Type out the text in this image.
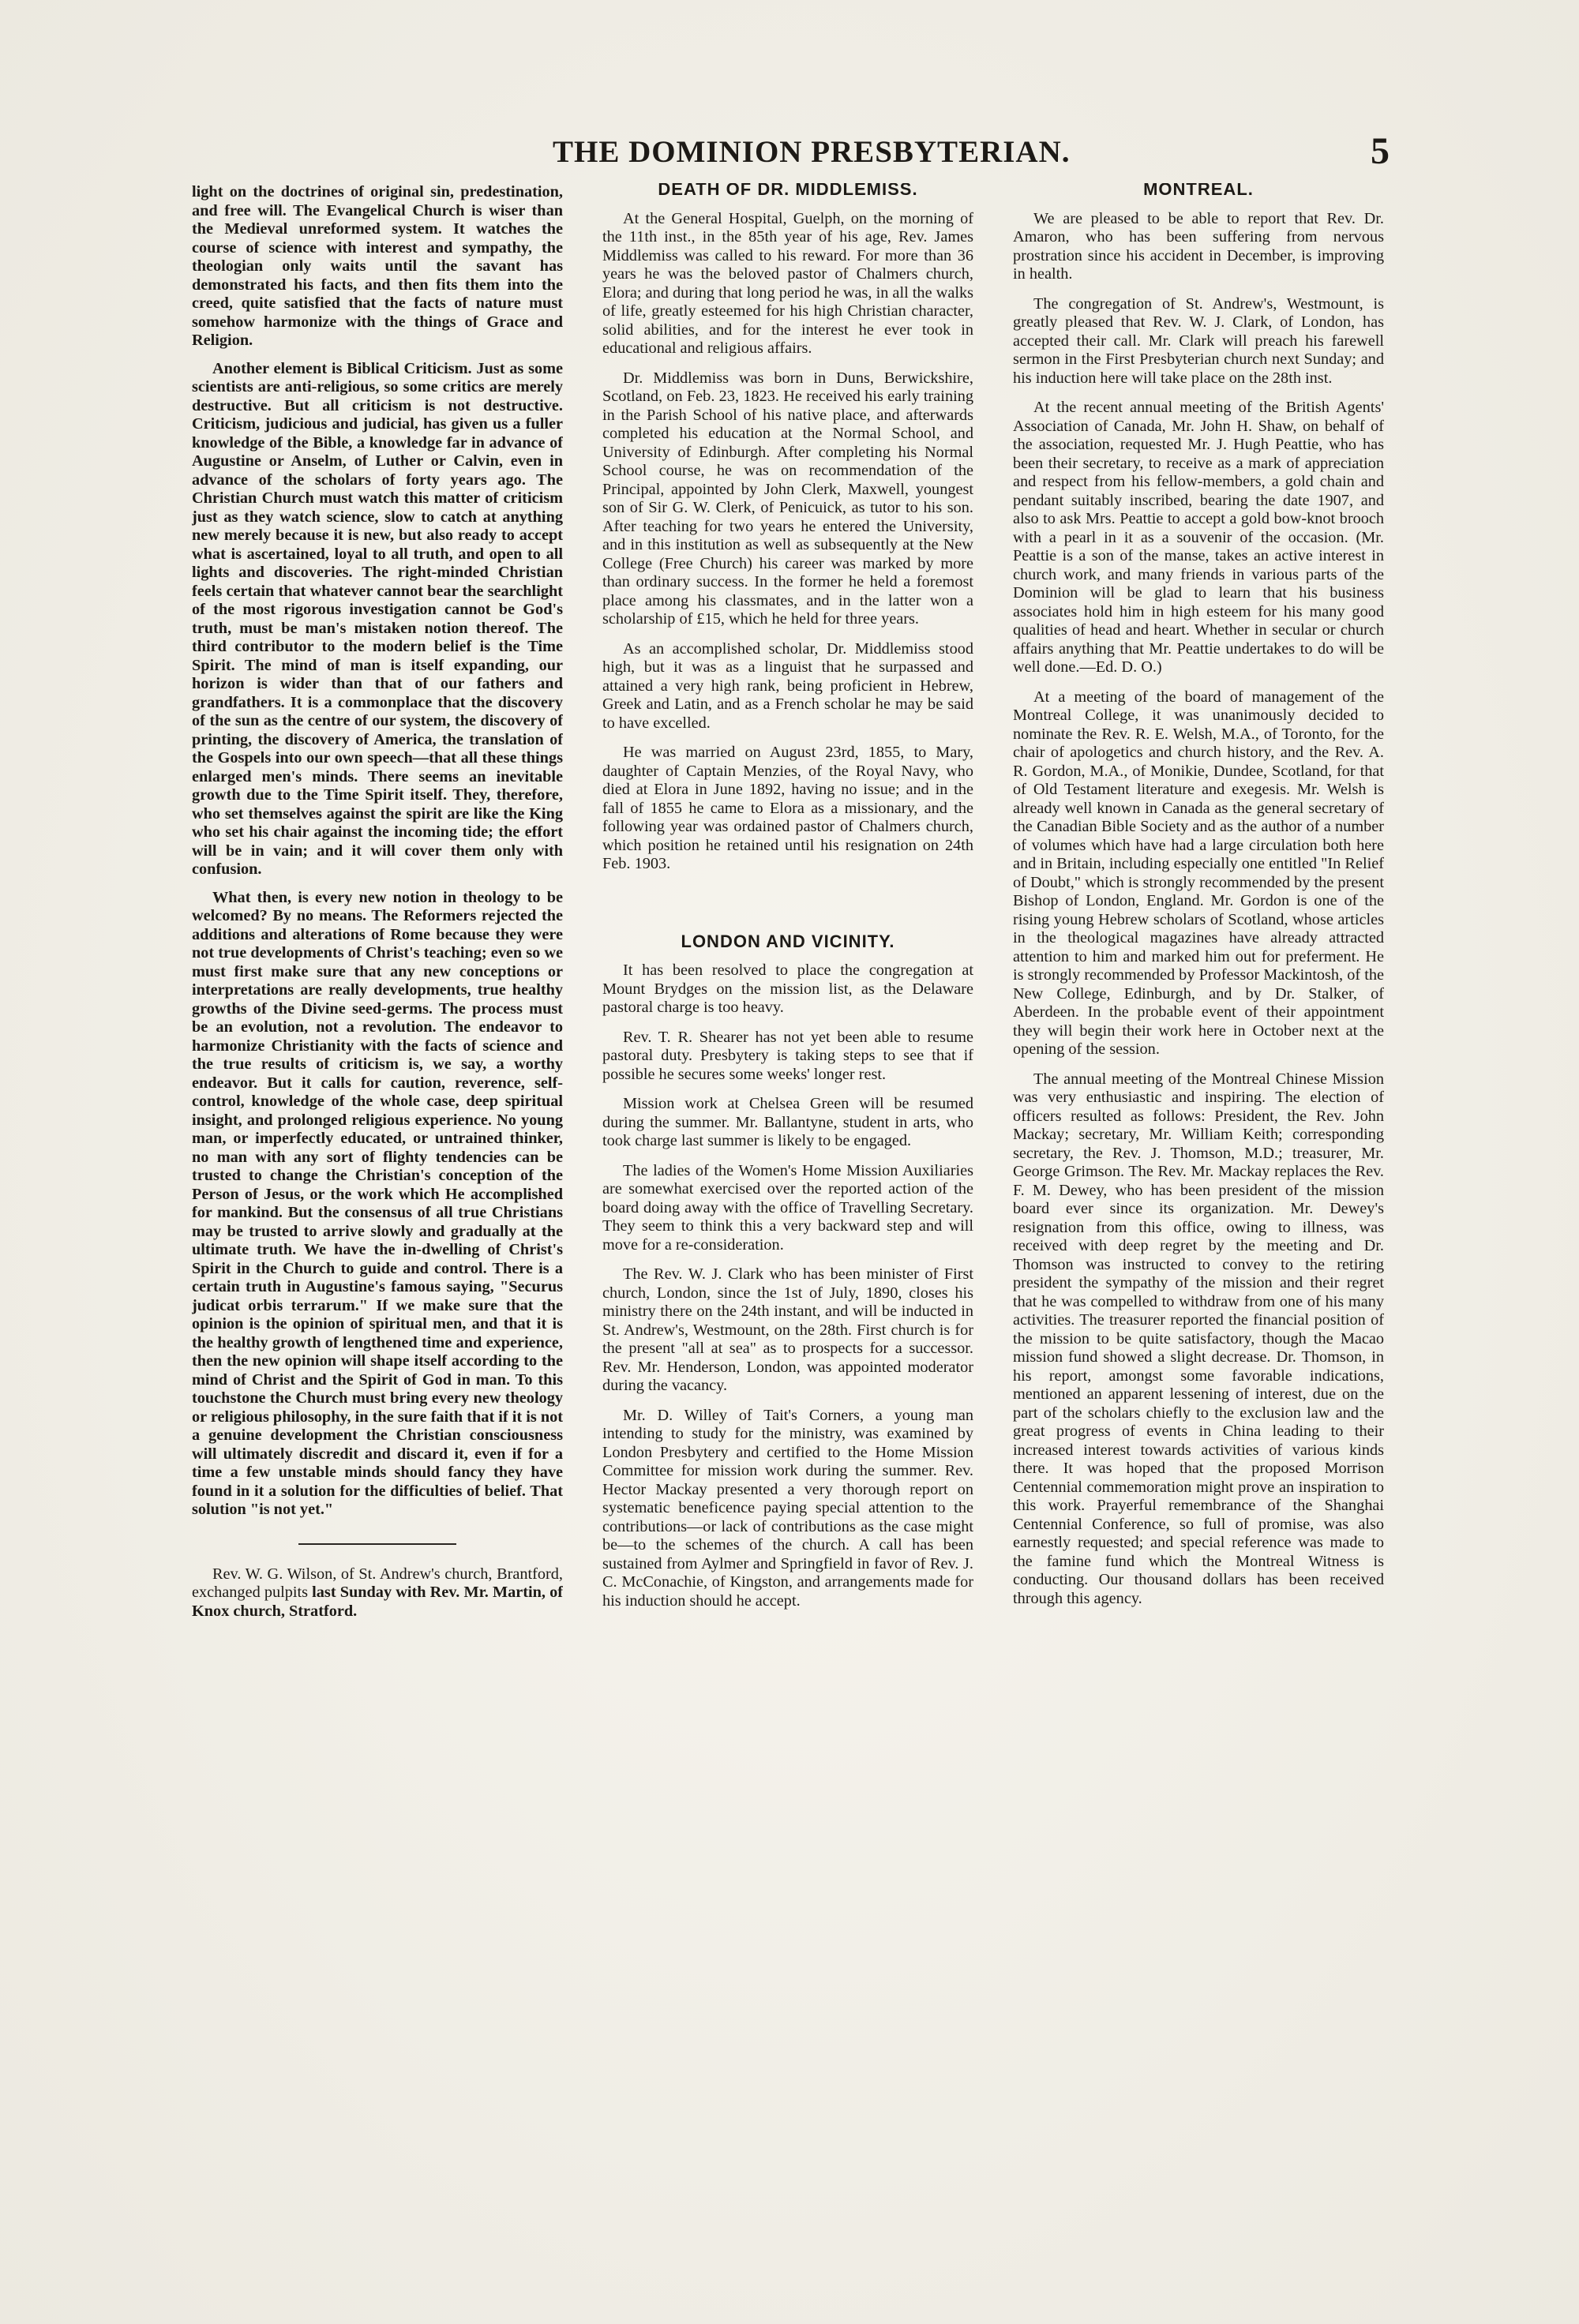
THE DOMINION PRESBYTERIAN.	5

light on the doctrines of original sin, predestination, and free will. The Evangelical Church is wiser than the Medieval unreformed system. It watches the course of science with interest and sympathy, the theologian only waits until the savant has demonstrated his facts, and then fits them into the creed, quite satisfied that the facts of nature must somehow harmonize with the things of Grace and Religion.

Another element is Biblical Criticism. Just as some scientists are anti-religious, so some critics are merely destructive. But all criticism is not destructive. Criticism, judicious and judicial, has given us a fuller knowledge of the Bible, a knowledge far in advance of Augustine or Anselm, of Luther or Calvin, even in advance of the scholars of forty years ago. The Christian Church must watch this matter of criticism just as they watch science, slow to catch at anything new merely because it is new, but also ready to accept what is ascertained, loyal to all truth, and open to all lights and discoveries. The right-minded Christian feels certain that whatever cannot bear the searchlight of the most rigorous investigation cannot be God's truth, must be man's mistaken notion thereof. The third contributor to the modern belief is the Time Spirit. The mind of man is itself expanding, our horizon is wider than that of our fathers and grandfathers. It is a commonplace that the discovery of the sun as the centre of our system, the discovery of printing, the discovery of America, the translation of the Gospels into our own speech—that all these things enlarged men's minds. There seems an inevitable growth due to the Time Spirit itself. They, therefore, who set themselves against the spirit are like the King who set his chair against the incoming tide; the effort will be in vain; and it will cover them only with confusion.

What then, is every new notion in theology to be welcomed? By no means. The Reformers rejected the additions and alterations of Rome because they were not true developments of Christ's teaching; even so we must first make sure that any new conceptions or interpretations are really developments, true healthy growths of the Divine seed-germs. The process must be an evolution, not a revolution. The endeavor to harmonize Christianity with the facts of science and the true results of criticism is, we say, a worthy endeavor. But it calls for caution, reverence, self-control, knowledge of the whole case, deep spiritual insight, and prolonged religious experience. No young man, or imperfectly educated, or untrained thinker, no man with any sort of flighty tendencies can be trusted to change the Christian's conception of the Person of Jesus, or the work which He accomplished for mankind. But the consensus of all true Christians may be trusted to arrive slowly and gradually at the ultimate truth. We have the in-dwelling of Christ's Spirit in the Church to guide and control. There is a certain truth in Augustine's famous saying, "Securus judicat orbis terrarum." If we make sure that the opinion is the opinion of spiritual men, and that it is the healthy growth of lengthened time and experience, then the new opinion will shape itself according to the mind of Christ and the Spirit of God in man. To this touchstone the Church must bring every new theology or religious philosophy, in the sure faith that if it is not a genuine development the Christian consciousness will ultimately discredit and discard it, even if for a time a few unstable minds should fancy they have found in it a solution for the difficulties of belief. That solution "is not yet."

Rev. W. G. Wilson, of St. Andrew's church, Brantford, exchanged pulpits last Sunday with Rev. Mr. Martin, of Knox church, Stratford.

DEATH OF DR. MIDDLEMISS.

At the General Hospital, Guelph, on the morning of the 11th inst., in the 85th year of his age, Rev. James Middlemiss was called to his reward. For more than 36 years he was the beloved pastor of Chalmers church, Elora; and during that long period he was, in all the walks of life, greatly esteemed for his high Christian character, solid abilities, and for the interest he ever took in educational and religious affairs.

Dr. Middlemiss was born in Duns, Berwickshire, Scotland, on Feb. 23, 1823. He received his early training in the Parish School of his native place, and afterwards completed his education at the Normal School, and University of Edinburgh. After completing his Normal School course, he was on recommendation of the Principal, appointed by John Clerk, Maxwell, youngest son of Sir G. W. Clerk, of Penicuick, as tutor to his son. After teaching for two years he entered the University, and in this institution as well as subsequently at the New College (Free Church) his career was marked by more than ordinary success. In the former he held a foremost place among his classmates, and in the latter won a scholarship of £15, which he held for three years.

As an accomplished scholar, Dr. Middlemiss stood high, but it was as a linguist that he surpassed and attained a very high rank, being proficient in Hebrew, Greek and Latin, and as a French scholar he may be said to have excelled.

He was married on August 23rd, 1855, to Mary, daughter of Captain Menzies, of the Royal Navy, who died at Elora in June 1892, having no issue; and in the fall of 1855 he came to Elora as a missionary, and the following year was ordained pastor of Chalmers church, which position he retained until his resignation on 24th Feb. 1903.

LONDON AND VICINITY.

It has been resolved to place the congregation at Mount Brydges on the mission list, as the Delaware pastoral charge is too heavy.

Rev. T. R. Shearer has not yet been able to resume pastoral duty. Presbytery is taking steps to see that if possible he secures some weeks' longer rest.

Mission work at Chelsea Green will be resumed during the summer. Mr. Ballantyne, student in arts, who took charge last summer is likely to be engaged.

The ladies of the Women's Home Mission Auxiliaries are somewhat exercised over the reported action of the board doing away with the office of Travelling Secretary. They seem to think this a very backward step and will move for a re-consideration.

The Rev. W. J. Clark who has been minister of First church, London, since the 1st of July, 1890, closes his ministry there on the 24th instant, and will be inducted in St. Andrew's, Westmount, on the 28th. First church is for the present "all at sea" as to prospects for a successor. Rev. Mr. Henderson, London, was appointed moderator during the vacancy.

Mr. D. Willey of Tait's Corners, a young man intending to study for the ministry, was examined by London Presbytery and certified to the Home Mission Committee for mission work during the summer. Rev. Hector Mackay presented a very thorough report on systematic beneficence paying special attention to the contributions—or lack of contributions as the case might be—to the schemes of the church. A call has been sustained from Aylmer and Springfield in favor of Rev. J. C. McConachie, of Kingston, and arrangements made for his induction should he accept.

MONTREAL.

We are pleased to be able to report that Rev. Dr. Amaron, who has been suffering from nervous prostration since his accident in December, is improving in health.

The congregation of St. Andrew's, Westmount, is greatly pleased that Rev. W. J. Clark, of London, has accepted their call. Mr. Clark will preach his farewell sermon in the First Presbyterian church next Sunday; and his induction here will take place on the 28th inst.

At the recent annual meeting of the British Agents' Association of Canada, Mr. John H. Shaw, on behalf of the association, requested Mr. J. Hugh Peattie, who has been their secretary, to receive as a mark of appreciation and respect from his fellow-members, a gold chain and pendant suitably inscribed, bearing the date 1907, and also to ask Mrs. Peattie to accept a gold bow-knot brooch with a pearl in it as a souvenir of the occasion. (Mr. Peattie is a son of the manse, takes an active interest in church work, and many friends in various parts of the Dominion will be glad to learn that his business associates hold him in high esteem for his many good qualities of head and heart. Whether in secular or church affairs anything that Mr. Peattie undertakes to do will be well done.—Ed. D. O.)

At a meeting of the board of management of the Montreal College, it was unanimously decided to nominate the Rev. R. E. Welsh, M.A., of Toronto, for the chair of apologetics and church history, and the Rev. A. R. Gordon, M.A., of Monikie, Dundee, Scotland, for that of Old Testament literature and exegesis. Mr. Welsh is already well known in Canada as the general secretary of the Canadian Bible Society and as the author of a number of volumes which have had a large circulation both here and in Britain, including especially one entitled "In Relief of Doubt," which is strongly recommended by the present Bishop of London, England. Mr. Gordon is one of the rising young Hebrew scholars of Scotland, whose articles in the theological magazines have already attracted attention to him and marked him out for preferment. He is strongly recommended by Professor Mackintosh, of the New College, Edinburgh, and by Dr. Stalker, of Aberdeen. In the probable event of their appointment they will begin their work here in October next at the opening of the session.

The annual meeting of the Montreal Chinese Mission was very enthusiastic and inspiring. The election of officers resulted as follows: President, the Rev. John Mackay; secretary, Mr. William Keith; corresponding secretary, the Rev. J. Thomson, M.D.; treasurer, Mr. George Grimson. The Rev. Mr. Mackay replaces the Rev. F. M. Dewey, who has been president of the mission board ever since its organization. Mr. Dewey's resignation from this office, owing to illness, was received with deep regret by the meeting and Dr. Thomson was instructed to convey to the retiring president the sympathy of the mission and their regret that he was compelled to withdraw from one of his many activities. The treasurer reported the financial position of the mission to be quite satisfactory, though the Macao mission fund showed a slight decrease. Dr. Thomson, in his report, amongst some favorable indications, mentioned an apparent lessening of interest, due on the part of the scholars chiefly to the exclusion law and the great progress of events in China leading to their increased interest towards activities of various kinds there. It was hoped that the proposed Morrison Centennial commemoration might prove an inspiration to this work. Prayerful remembrance of the Shanghai Centennial Conference, so full of promise, was also earnestly requested; and special reference was made to the famine fund which the Montreal Witness is conducting. Our thousand dollars has been received through this agency.
